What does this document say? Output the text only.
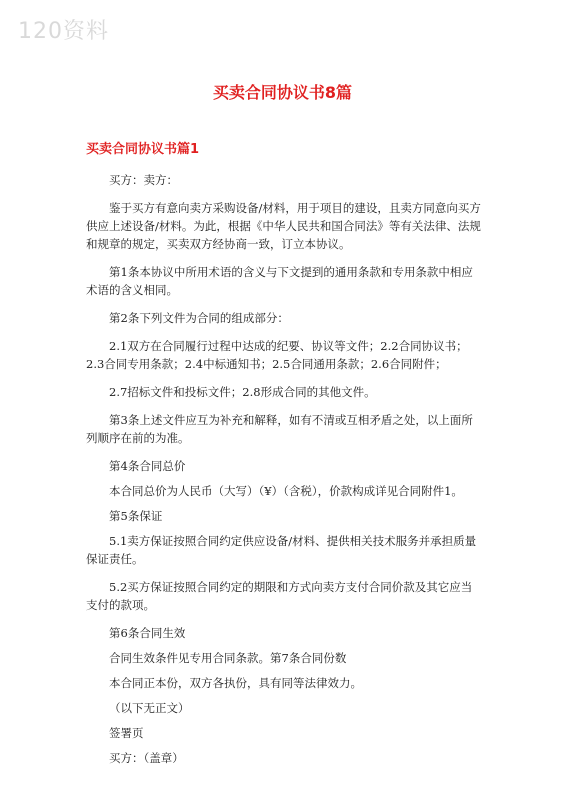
120资料
买卖合同协议书8篇
买卖合同协议书篇1

买方：卖方：

鉴于买方有意向卖方采购设备/材料，用于项目的建设，且卖方同意向买方供应上述设备/材料。为此，根据《中华人民共和国合同法》等有关法律、法规和规章的规定，买卖双方经协商一致，订立本协议。

第1条本协议中所用术语的含义与下文提到的通用条款和专用条款中相应术语的含义相同。

第2条下列文件为合同的组成部分：

2.1双方在合同履行过程中达成的纪要、协议等文件；2.2合同协议书；2.3合同专用条款；2.4中标通知书；2.5合同通用条款；2.6合同附件；

2.7招标文件和投标文件；2.8形成合同的其他文件。

第3条上述文件应互为补充和解释，如有不清或互相矛盾之处，以上面所列顺序在前的为准。

第4条合同总价

本合同总价为人民币（大写）（¥）（含税），价款构成详见合同附件1。

第5条保证

5.1卖方保证按照合同约定供应设备/材料、提供相关技术服务并承担质量保证责任。

5.2买方保证按照合同约定的期限和方式向卖方支付合同价款及其它应当支付的款项。

第6条合同生效

合同生效条件见专用合同条款。第7条合同份数

本合同正本份，双方各执份，具有同等法律效力。

（以下无正文）

签署页

买方：（盖章）
